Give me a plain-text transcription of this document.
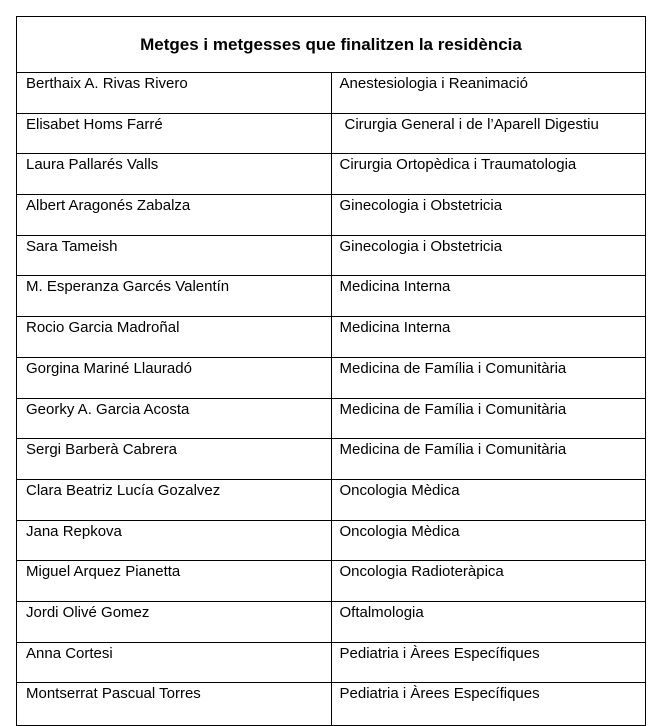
Metges i metgesses que finalitzen la residència	
Berthaix A. Rivas Rivero	Anestesiologia i Reanimació
Elisabet Homs Farré	Cirurgia General i de l’Aparell Digestiu
Laura Pallarés Valls	Cirurgia Ortopèdica i Traumatologia
Albert Aragonés Zabalza	Ginecologia i Obstetricia
Sara Tameish	Ginecologia i Obstetricia
M. Esperanza Garcés Valentín	Medicina Interna
Rocio Garcia Madroñal	Medicina Interna
Gorgina Mariné Llauradó	Medicina de Família i Comunitària
Georky A. Garcia Acosta	Medicina de Família i Comunitària
Sergi Barberà Cabrera	Medicina de Família i Comunitària
Clara Beatriz Lucía Gozalvez	Oncologia Mèdica
Jana Repkova	Oncologia Mèdica
Miguel Arquez Pianetta	Oncologia Radioteràpica
Jordi Olivé Gomez	Oftalmologia
Anna Cortesi	Pediatria i Àrees Específiques
Montserrat Pascual Torres	Pediatria i Àrees Específiques
